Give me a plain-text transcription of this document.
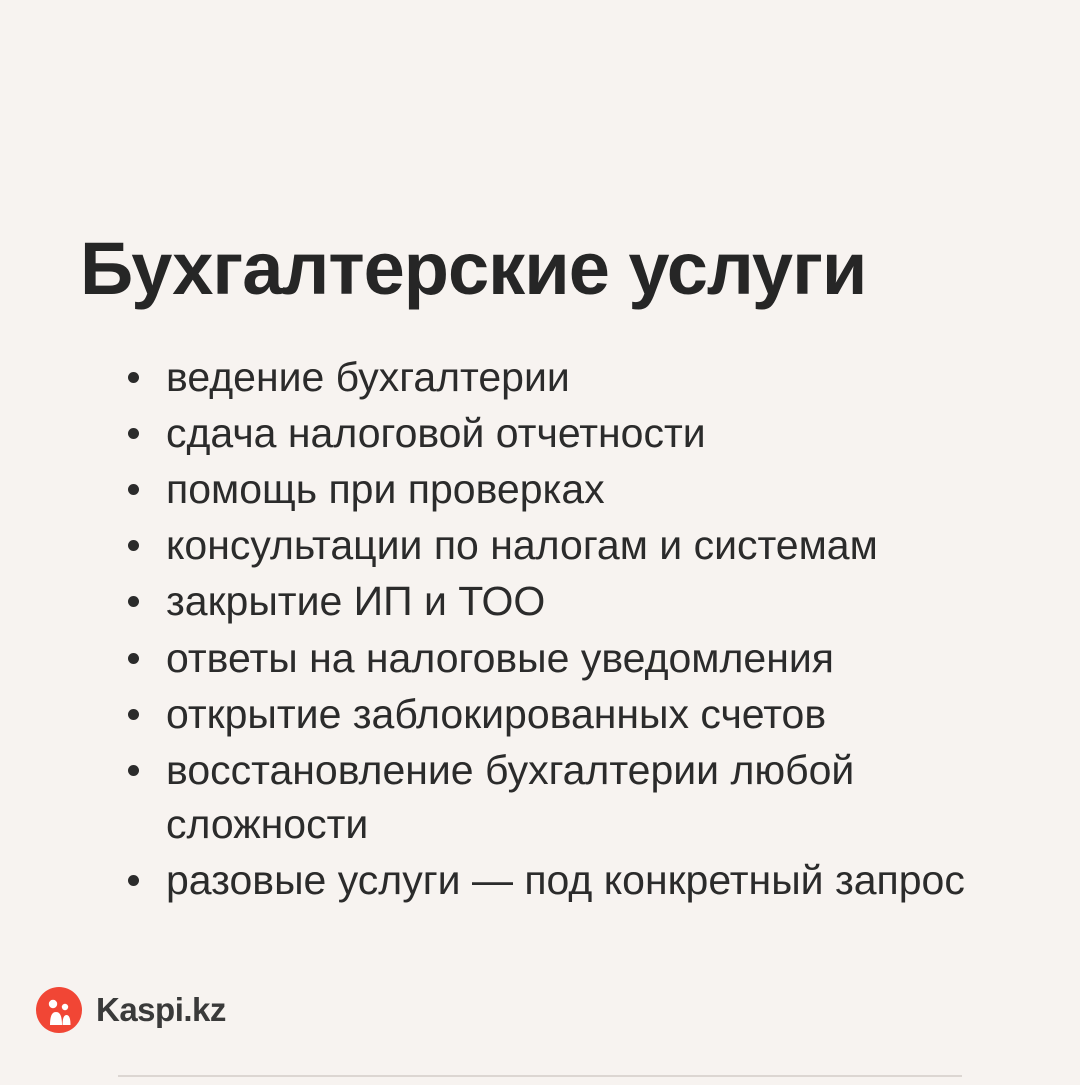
Бухгалтерские услуги
ведение бухгалтерии
сдача налоговой отчетности
помощь при проверках
консультации по налогам и системам
закрытие ИП и ТОО
ответы на налоговые уведомления
открытие заблокированных счетов
восстановление бухгалтерии любой сложности
разовые услуги — под конкретный запрос
Kaspi.kz
